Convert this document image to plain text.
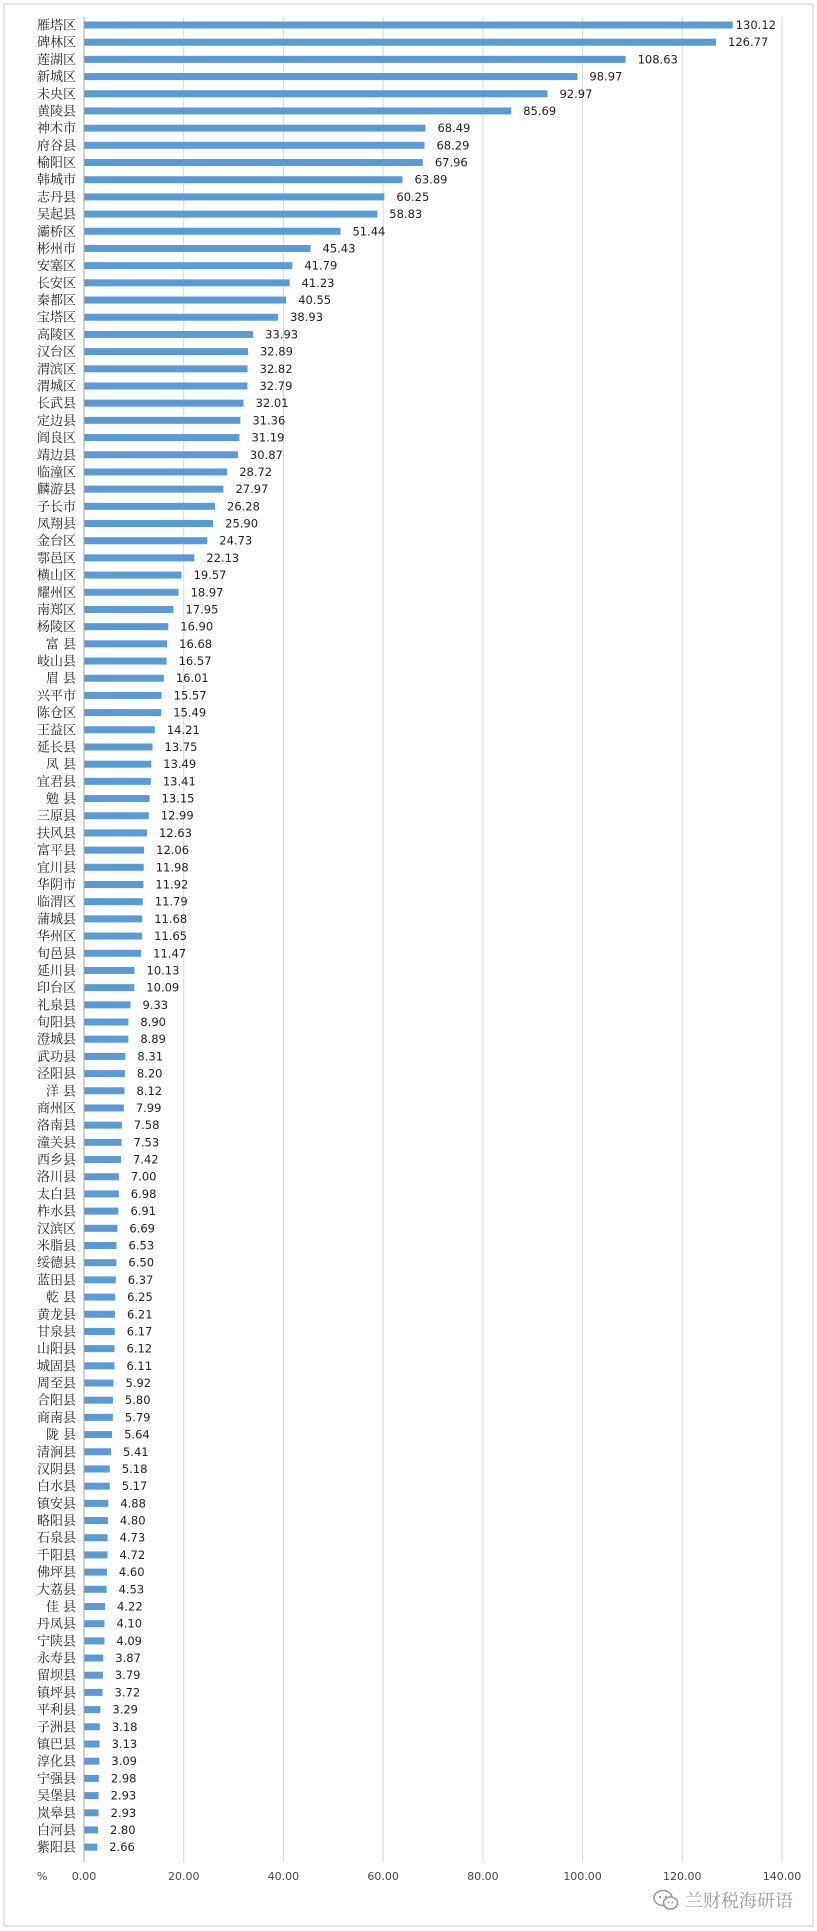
0.00	20.00	40.00	60.00	80.00	100.00	120.00	140.00
%
雁塔区	130.12
碑林区	126.77
莲湖区	108.63
新城区	98.97
未央区	92.97
黄陵县	85.69
神木市	68.49
府谷县	68.29
榆阳区	67.96
韩城市	63.89
志丹县	60.25
吴起县	58.83
灞桥区	51.44
彬州市	45.43
安塞区	41.79
长安区	41.23
秦都区	40.55
宝塔区	38.93
高陵区	33.93
汉台区	32.89
渭滨区	32.82
渭城区	32.79
长武县	32.01
定边县	31.36
阎良区	31.19
靖边县	30.87
临潼区	28.72
麟游县	27.97
子长市	26.28
凤翔县	25.90
金台区	24.73
鄠邑区	22.13
横山区	19.57
耀州区	18.97
南郑区	17.95
杨陵区	16.90
富 县	16.68
岐山县	16.57
眉 县	16.01
兴平市	15.57
陈仓区	15.49
王益区	14.21
延长县	13.75
凤 县	13.49
宜君县	13.41
勉 县	13.15
三原县	12.99
扶风县	12.63
富平县	12.06
宜川县	11.98
华阴市	11.92
临渭区	11.79
蒲城县	11.68
华州区	11.65
旬邑县	11.47
延川县	10.13
印台区	10.09
礼泉县	9.33
旬阳县	8.90
澄城县	8.89
武功县	8.31
泾阳县	8.20
洋 县	8.12
商州区	7.99
洛南县	7.58
潼关县	7.53
西乡县	7.42
洛川县	7.00
太白县	6.98
柞水县	6.91
汉滨区	6.69
米脂县	6.53
绥德县	6.50
蓝田县	6.37
乾 县	6.25
黄龙县	6.21
甘泉县	6.17
山阳县	6.12
城固县	6.11
周至县	5.92
合阳县	5.80
商南县	5.79
陇 县	5.64
清涧县	5.41
汉阴县	5.18
白水县	5.17
镇安县	4.88
略阳县	4.80
石泉县	4.73
千阳县	4.72
佛坪县	4.60
大荔县	4.53
佳 县	4.22
丹凤县	4.10
宁陕县	4.09
永寿县	3.87
留坝县	3.79
镇坪县	3.72
平利县	3.29
子洲县	3.18
镇巴县	3.13
淳化县	3.09
宁强县	2.98
吴堡县	2.93
岚皋县	2.93
白河县	2.80
紫阳县	2.66
兰财税海研语
